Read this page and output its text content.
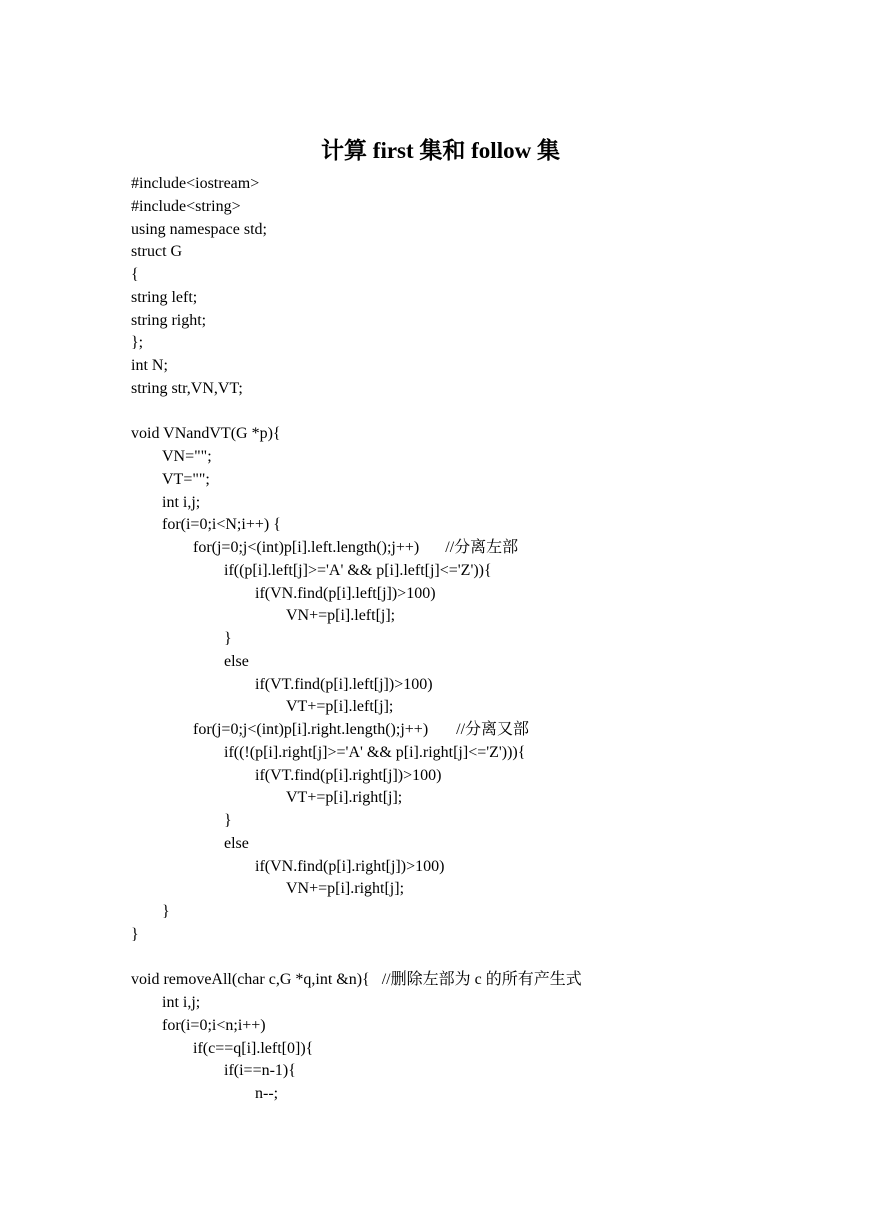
计算 first 集和 follow 集
#include<iostream>
#include<string>
using namespace std;
struct G
{
string left;
string right;
};
int N;
string str,VN,VT;
void VNandVT(G *p){
VN="";
VT="";
int i,j;
for(i=0;i<N;i++) {
for(j=0;j<(int)p[i].left.length();j++) //分离左部
if((p[i].left[j]>='A' && p[i].left[j]<='Z')){
if(VN.find(p[i].left[j])>100)
VN+=p[i].left[j];
}
else
if(VT.find(p[i].left[j])>100)
VT+=p[i].left[j];
for(j=0;j<(int)p[i].right.length();j++) //分离又部
if((!(p[i].right[j]>='A' && p[i].right[j]<='Z'))){
if(VT.find(p[i].right[j])>100)
VT+=p[i].right[j];
}
else
if(VN.find(p[i].right[j])>100)
VN+=p[i].right[j];
}
}
void removeAll(char c,G *q,int &n){ //删除左部为 c 的所有产生式
int i,j;
for(i=0;i<n;i++)
if(c==q[i].left[0]){
if(i==n-1){
n--;
